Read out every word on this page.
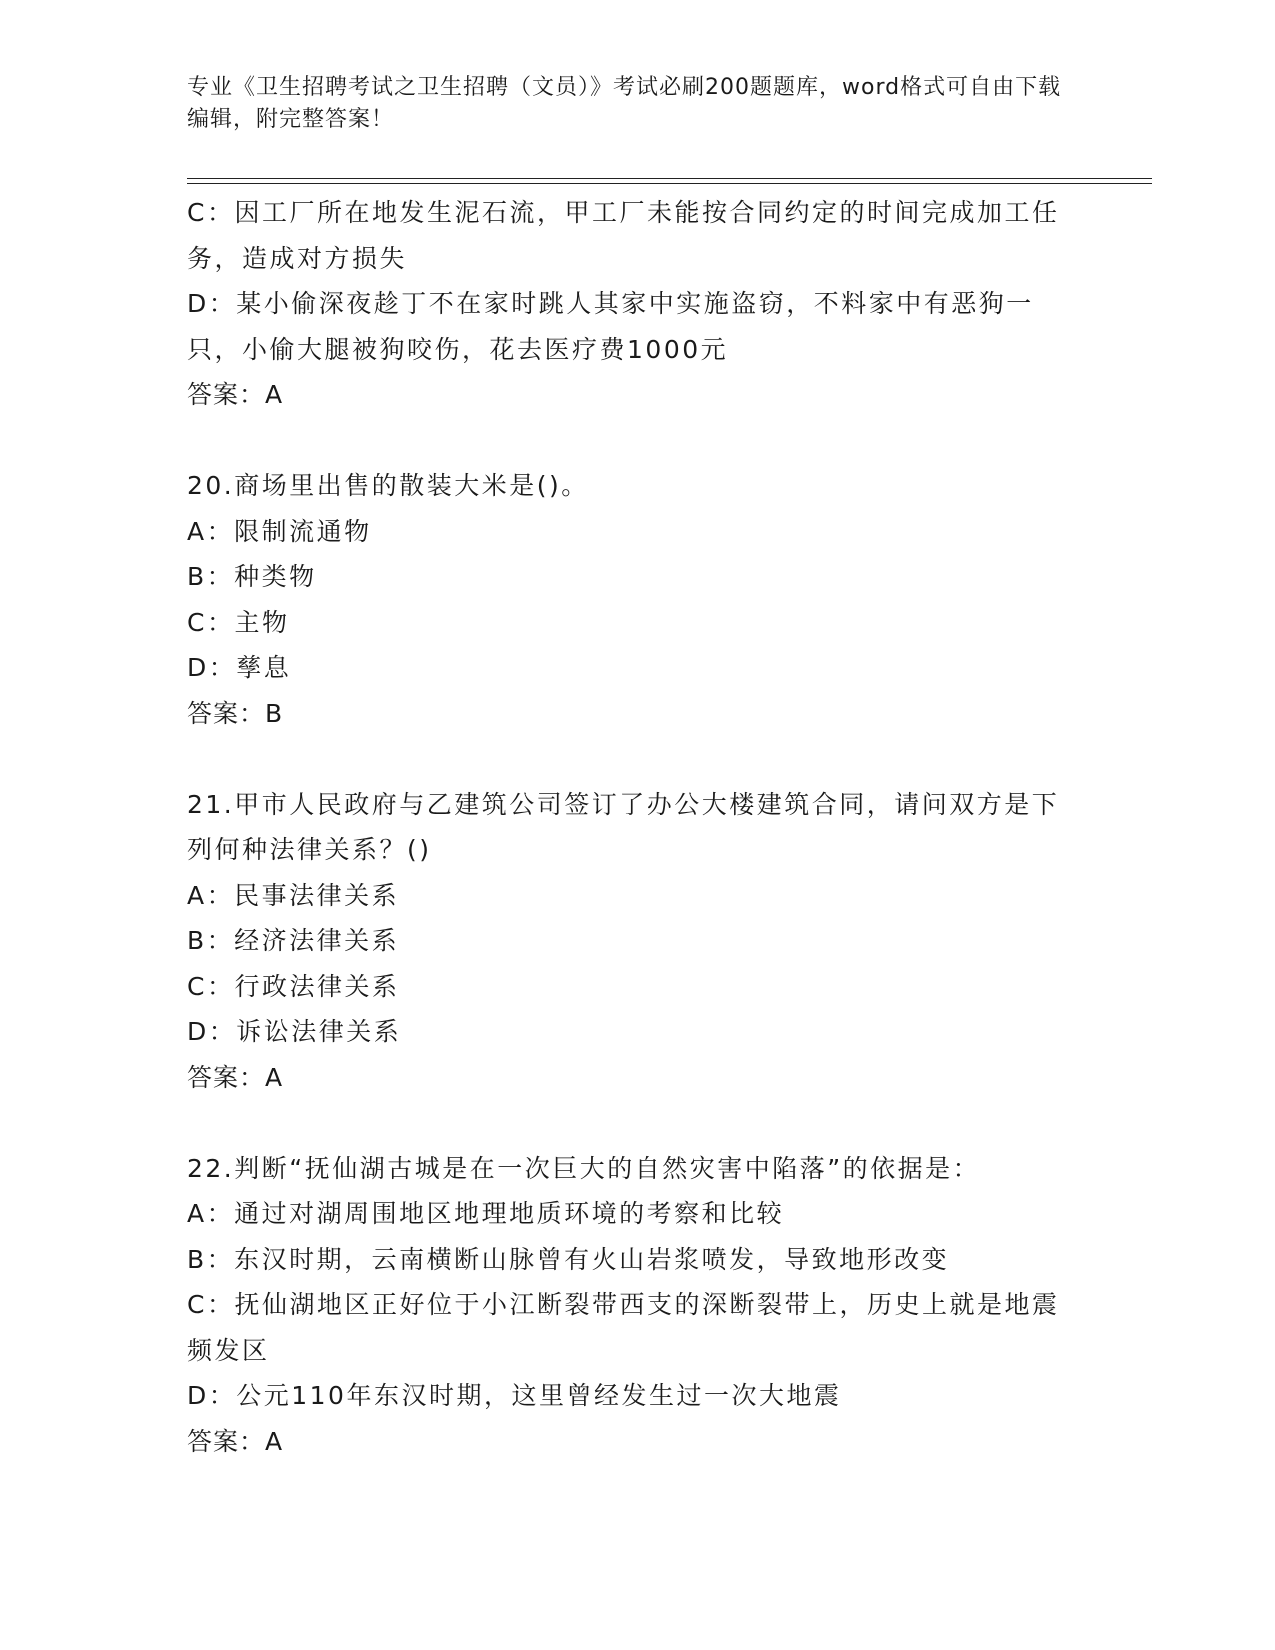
专业《卫生招聘考试之卫生招聘（文员）》考试必刷200题题库，word格式可自由下载编辑，附完整答案！

C：因工厂所在地发生泥石流，甲工厂未能按合同约定的时间完成加工任务，造成对方损失

D：某小偷深夜趁丁不在家时跳人其家中实施盗窃，不料家中有恶狗一只，小偷大腿被狗咬伤，花去医疗费1000元

答案：A

20.商场里出售的散装大米是()。

A：限制流通物

B：种类物

C：主物

D：孳息

答案：B

21.甲市人民政府与乙建筑公司签订了办公大楼建筑合同，请问双方是下列何种法律关系？()

A：民事法律关系

B：经济法律关系

C：行政法律关系

D：诉讼法律关系

答案：A

22.判断“抚仙湖古城是在一次巨大的自然灾害中陷落”的依据是：

A：通过对湖周围地区地理地质环境的考察和比较

B：东汉时期，云南横断山脉曾有火山岩浆喷发，导致地形改变

C：抚仙湖地区正好位于小江断裂带西支的深断裂带上，历史上就是地震频发区

D：公元110年东汉时期，这里曾经发生过一次大地震

答案：A
